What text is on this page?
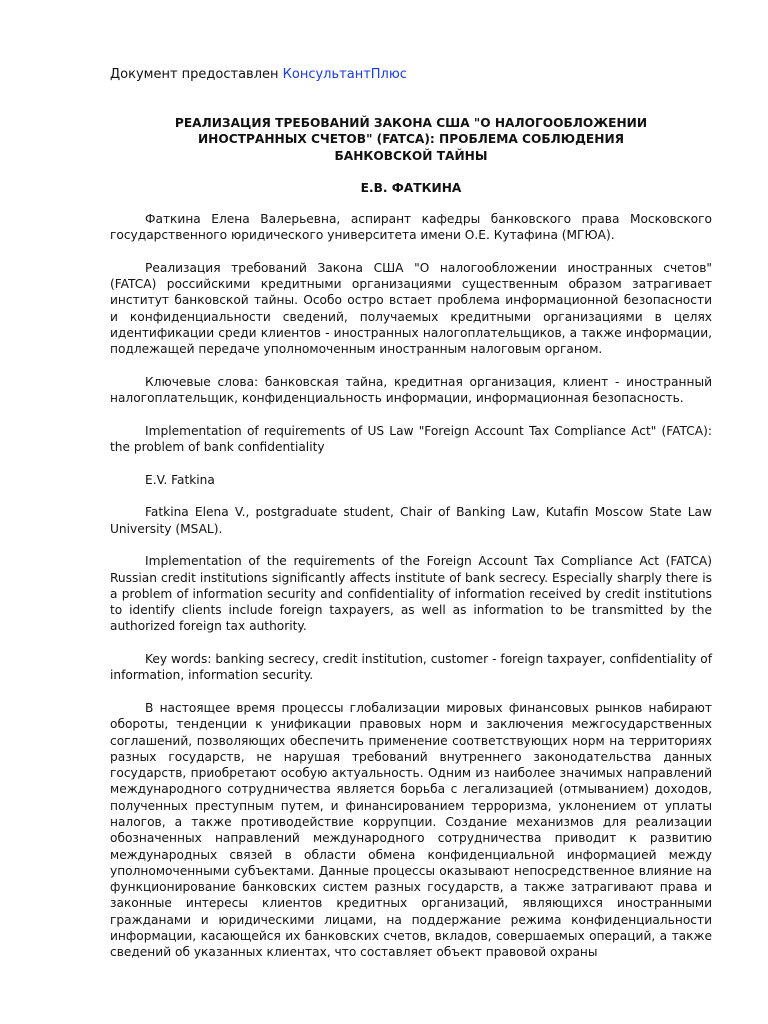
Документ предоставлен КонсультантПлюс
РЕАЛИЗАЦИЯ ТРЕБОВАНИЙ ЗАКОНА США "О НАЛОГООБЛОЖЕНИИ
ИНОСТРАННЫХ СЧЕТОВ" (FATCA): ПРОБЛЕМА СОБЛЮДЕНИЯ
БАНКОВСКОЙ ТАЙНЫ
Е.В. ФАТКИНА

Фаткина Елена Валерьевна, аспирант кафедры банковского права Московского государственного юридического университета имени О.Е. Кутафина (МГЮА).

Реализация требований Закона США "О налогообложении иностранных счетов" (FATCA) российскими кредитными организациями существенным образом затрагивает институт банковской тайны. Особо остро встает проблема информационной безопасности и конфиденциальности сведений, получаемых кредитными организациями в целях идентификации среди клиентов - иностранных налогоплательщиков, а также информации, подлежащей передаче уполномоченным иностранным налоговым органом.

Ключевые слова: банковская тайна, кредитная организация, клиент - иностранный налогоплательщик, конфиденциальность информации, информационная безопасность.

Implementation of requirements of US Law "Foreign Account Tax Compliance Act" (FATCA): the problem of bank confidentiality

E.V. Fatkina

Fatkina Elena V., postgraduate student, Chair of Banking Law, Kutafin Moscow State Law University (MSAL).

Implementation of the requirements of the Foreign Account Tax Compliance Act (FATCA) Russian credit institutions significantly affects institute of bank secrecy. Especially sharply there is a problem of information security and confidentiality of information received by credit institutions to identify clients include foreign taxpayers, as well as information to be transmitted by the authorized foreign tax authority.

Key words: banking secrecy, credit institution, customer - foreign taxpayer, confidentiality of information, information security.

В настоящее время процессы глобализации мировых финансовых рынков набирают обороты, тенденции к унификации правовых норм и заключения межгосударственных соглашений, позволяющих обеспечить применение соответствующих норм на территориях разных государств, не нарушая требований внутреннего законодательства данных государств, приобретают особую актуальность. Одним из наиболее значимых направлений международного сотрудничества является борьба с легализацией (отмыванием) доходов, полученных преступным путем, и финансированием терроризма, уклонением от уплаты налогов, а также противодействие коррупции. Создание механизмов для реализации обозначенных направлений международного сотрудничества приводит к развитию международных связей в области обмена конфиденциальной информацией между уполномоченными субъектами. Данные процессы оказывают непосредственное влияние на функционирование банковских систем разных государств, а также затрагивают права и законные интересы клиентов кредитных организаций, являющихся иностранными гражданами и юридическими лицами, на поддержание режима конфиденциальности информации, касающейся их банковских счетов, вкладов, совершаемых операций, а также сведений об указанных клиентах, что составляет объект правовой охраны
